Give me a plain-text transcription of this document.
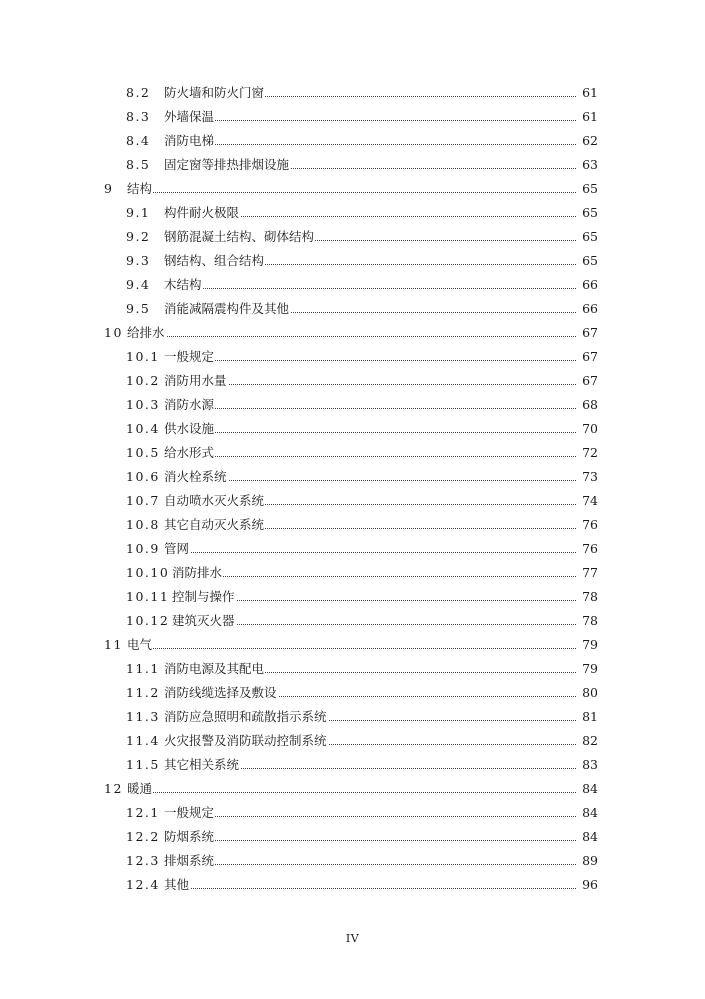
8.2 防火墙和防火门窗	61
8.3 外墙保温	61
8.4 消防电梯	62
8.5 固定窗等排热排烟设施	63
9 结构	65
9.1 构件耐火极限	65
9.2 钢筋混凝土结构、砌体结构	65
9.3 钢结构、组合结构	65
9.4 木结构	66
9.5 消能减隔震构件及其他	66
10 给排水	67
10.1 一般规定	67
10.2 消防用水量	67
10.3 消防水源	68
10.4 供水设施	70
10.5 给水形式	72
10.6 消火栓系统	73
10.7 自动喷水灭火系统	74
10.8 其它自动灭火系统	76
10.9 管网	76
10.10 消防排水	77
10.11 控制与操作	78
10.12 建筑灭火器	78
11 电气	79
11.1 消防电源及其配电	79
11.2 消防线缆选择及敷设	80
11.3 消防应急照明和疏散指示系统	81
11.4 火灾报警及消防联动控制系统	82
11.5 其它相关系统	83
12 暖通	84
12.1 一般规定	84
12.2 防烟系统	84
12.3 排烟系统	89
12.4 其他	96
IV
